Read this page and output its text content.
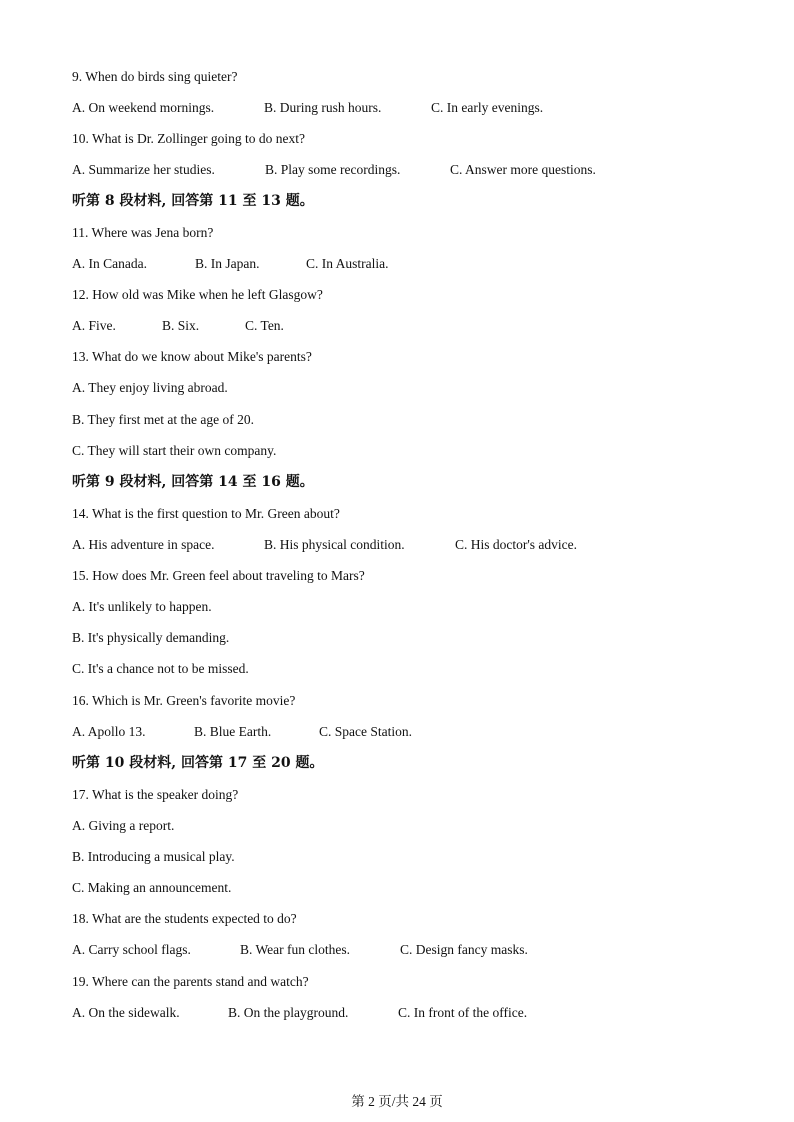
9. When do birds sing quieter?
A. On weekend mornings.	B. During rush hours.	C. In early evenings.
10. What is Dr. Zollinger going to do next?
A. Summarize her studies.	B. Play some recordings.	C. Answer more questions.
听第 8 段材料, 回答第 11 至 13 题。
11. Where was Jena born?
A. In Canada.	B. In Japan.	C. In Australia.
12. How old was Mike when he left Glasgow?
A. Five.	B. Six.	C. Ten.
13. What do we know about Mike's parents?
A. They enjoy living abroad.
B. They first met at the age of 20.
C. They will start their own company.
听第 9 段材料, 回答第 14 至 16 题。
14. What is the first question to Mr. Green about?
A. His adventure in space.	B. His physical condition.	C. His doctor's advice.
15. How does Mr. Green feel about traveling to Mars?
A. It's unlikely to happen.
B. It's physically demanding.
C. It's a chance not to be missed.
16. Which is Mr. Green's favorite movie?
A. Apollo 13.	B. Blue Earth.	C. Space Station.
听第 10 段材料, 回答第 17 至 20 题。
17. What is the speaker doing?
A. Giving a report.
B. Introducing a musical play.
C. Making an announcement.
18. What are the students expected to do?
A. Carry school flags.	B. Wear fun clothes.	C. Design fancy masks.
19. Where can the parents stand and watch?
A. On the sidewalk.	B. On the playground.	C. In front of the office.
第 2 页/共 24 页
